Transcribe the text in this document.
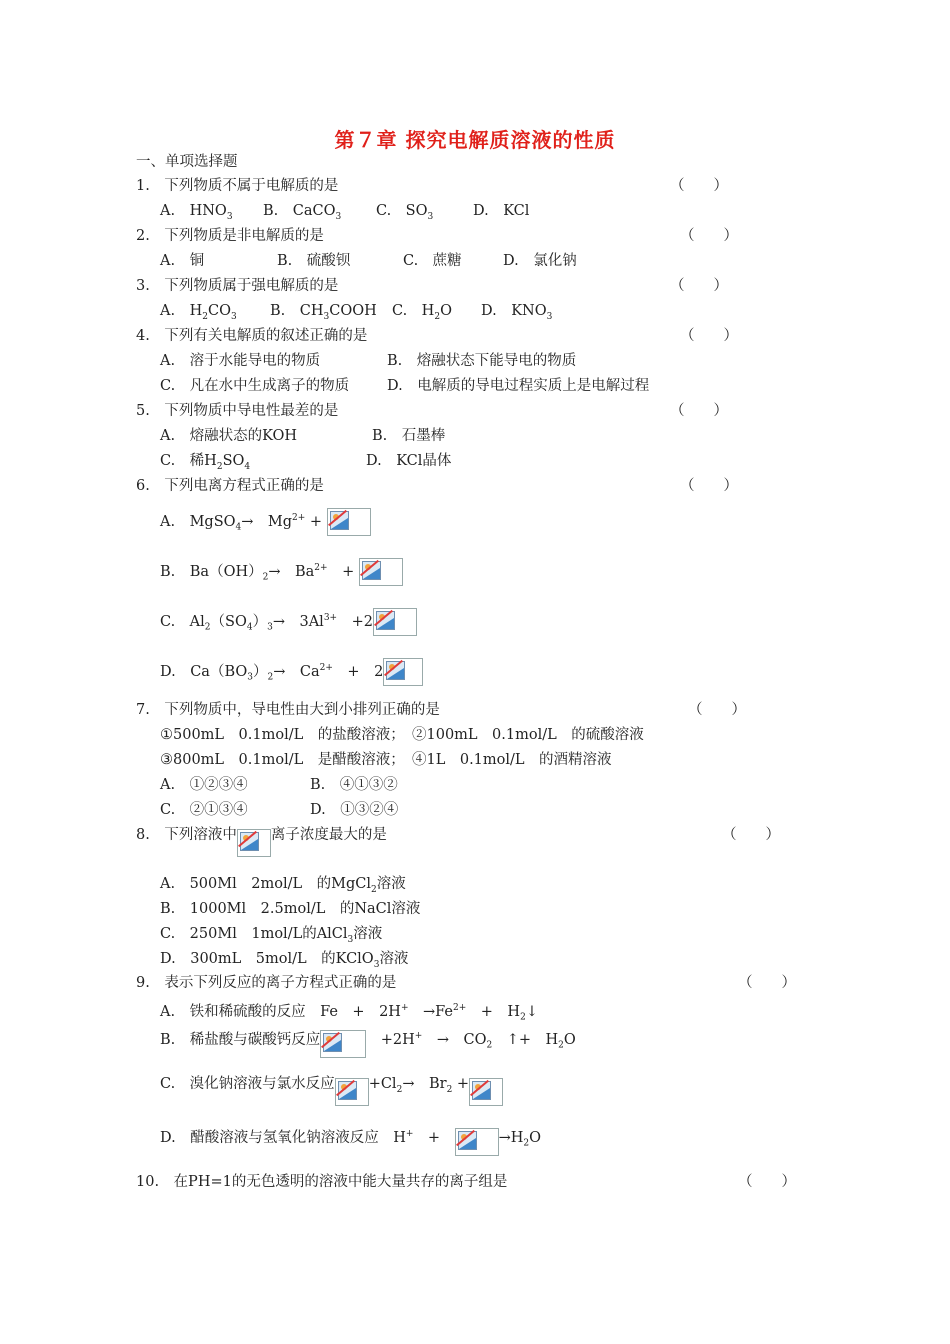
第７章 探究电解质溶液的性质
一、单项选择题
1.　下列物质不属于电解质的是	（　　）
A.　$HNO_3$ B.　CaCO$_3$ C.　$SO_3$	D.　KCl
2.　下列物质是非电解质的是	（　　）
A.　铜	B.　硫酸钡	C.　蔗糖	D.　氯化钠
3.　下列物质属于强电解质的是	（　　）
A.　$H_2CO_3$ B.　$CH_3COOH$ C.　$H_2O$ D.　$KNO_3$
4.　下列有关电解质的叙述正确的是	（　　）
A.　溶于水能导电的物质	B.　熔融状态下能导电的物质
C.　凡在水中生成离子的物质	D.　电解质的导电过程实质上是电解过程
5.　下列物质中导电性最差的是	（　　）
A.　熔融状态的KOH	B.　石墨棒
C.　稀$H_2SO_4$	D.　KCl晶体
6.　下列电离方程式正确的是	（　　）
A.　MgSO$_4$→　$Mg^{2+}$ +
B.　$Ba(OH)_2\to$　$Ba^{2+}$　+
C.　$Al_2(SO_4)_3\to$　$3Al^{3+}$　+2
D.　$Ca(BO_3)_2\to$　$Ca^{2+}$　+　2
7.　下列物质中，导电性由大到小排列正确的是	（　　）
①500mL　0.1mol/L　的盐酸溶液；　②100mL　0.1mol/L　的硫酸溶液
③800mL　0.1mol/L　是醋酸溶液；　④1L　0.1mol/L　的酒精溶液
A.　①②③④	B.　④①③②
C.　②①③④	D.　①③②④
8.　下列溶液中 离子浓度最大的是	（　　）
A.　500Ml　2mol/L　的MgCl$_2$溶液
B.　1000Ml　2.5mol/L　的NaCl溶液
C.　250Ml　1mol/L的AlCl$_3$溶液
D.　300mL　5mol/L　的KClO$_3$溶液
9.　表示下列反应的离子方程式正确的是	（　　）
A.　铁和稀硫酸的反应　Fe　+　2H+　$\to Fe^{2+}$　+　$H_2↓$
B.　稀盐酸与碳酸钙反应	　+2H+　→　$CO_2$　↑+　$H_2O$
C.　溴化钠溶液与氯水反应 $+Cl_2\to$　$Br_2$ +
D.　醋酸溶液与氢氧化钠溶液反应　H+　+　	$\to H_2O$
10.　在PH=1的无色透明的溶液中能大量共存的离子组是	（　　）
